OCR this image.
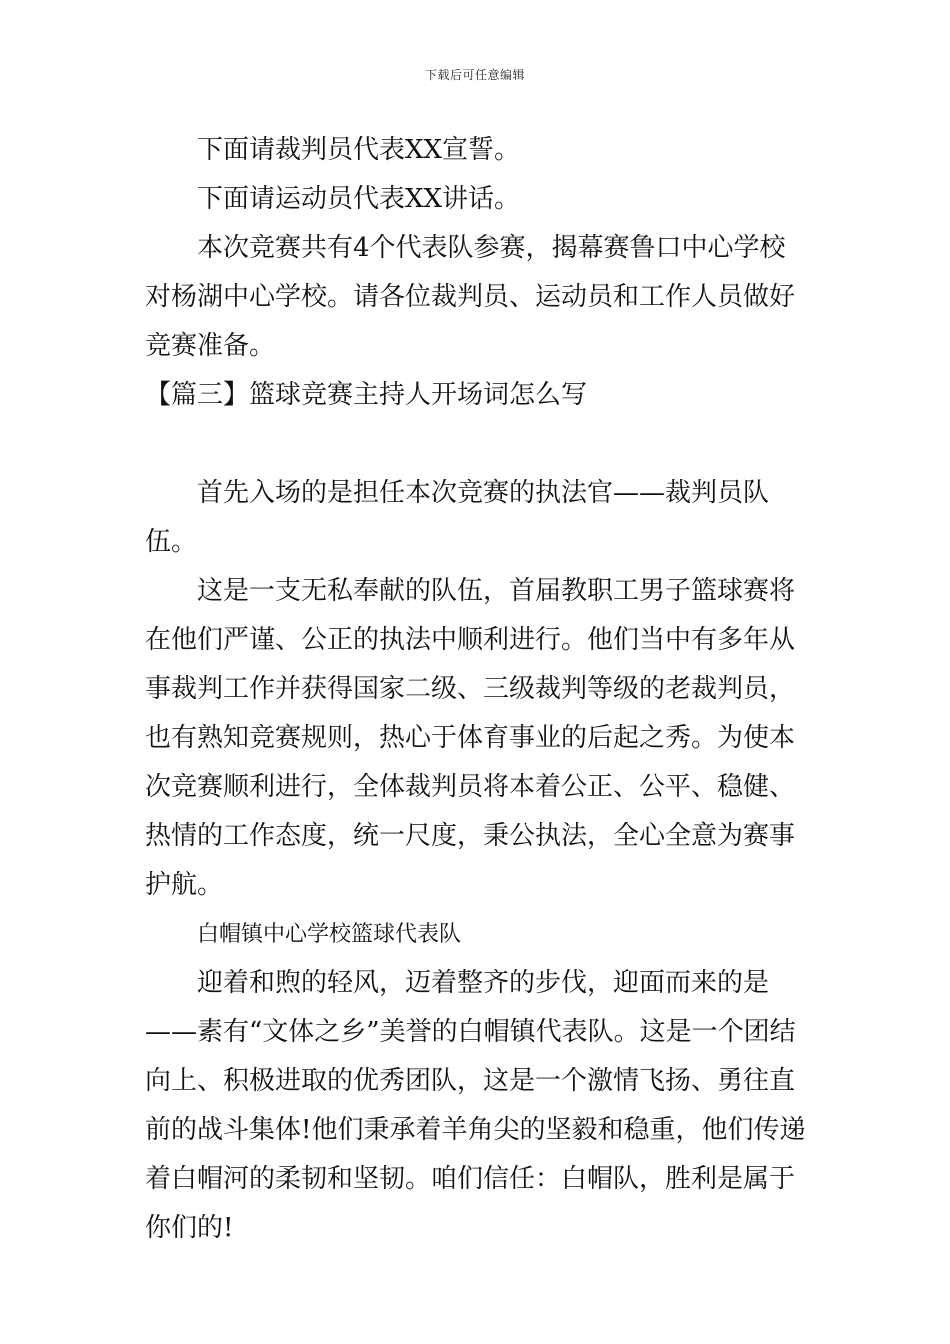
下载后可任意编辑

下面请裁判员代表XX宣誓。

下面请运动员代表XX讲话。

本次竞赛共有4个代表队参赛，揭幕赛鲁口中心学校对杨湖中心学校。请各位裁判员、运动员和工作人员做好竞赛准备。

【篇三】篮球竞赛主持人开场词怎么写

首先入场的是担任本次竞赛的执法官——裁判员队伍。

这是一支无私奉献的队伍，首届教职工男子篮球赛将在他们严谨、公正的执法中顺利进行。他们当中有多年从事裁判工作并获得国家二级、三级裁判等级的老裁判员，也有熟知竞赛规则，热心于体育事业的后起之秀。为使本次竞赛顺利进行，全体裁判员将本着公正、公平、稳健、热情的工作态度，统一尺度，秉公执法，全心全意为赛事护航。

白帽镇中心学校篮球代表队

迎着和煦的轻风，迈着整齐的步伐，迎面而来的是——素有“文体之乡”美誉的白帽镇代表队。这是一个团结向上、积极进取的优秀团队，这是一个激情飞扬、勇往直前的战斗集体!他们秉承着羊角尖的坚毅和稳重，他们传递着白帽河的柔韧和坚韧。咱们信任：白帽队，胜利是属于你们的!
